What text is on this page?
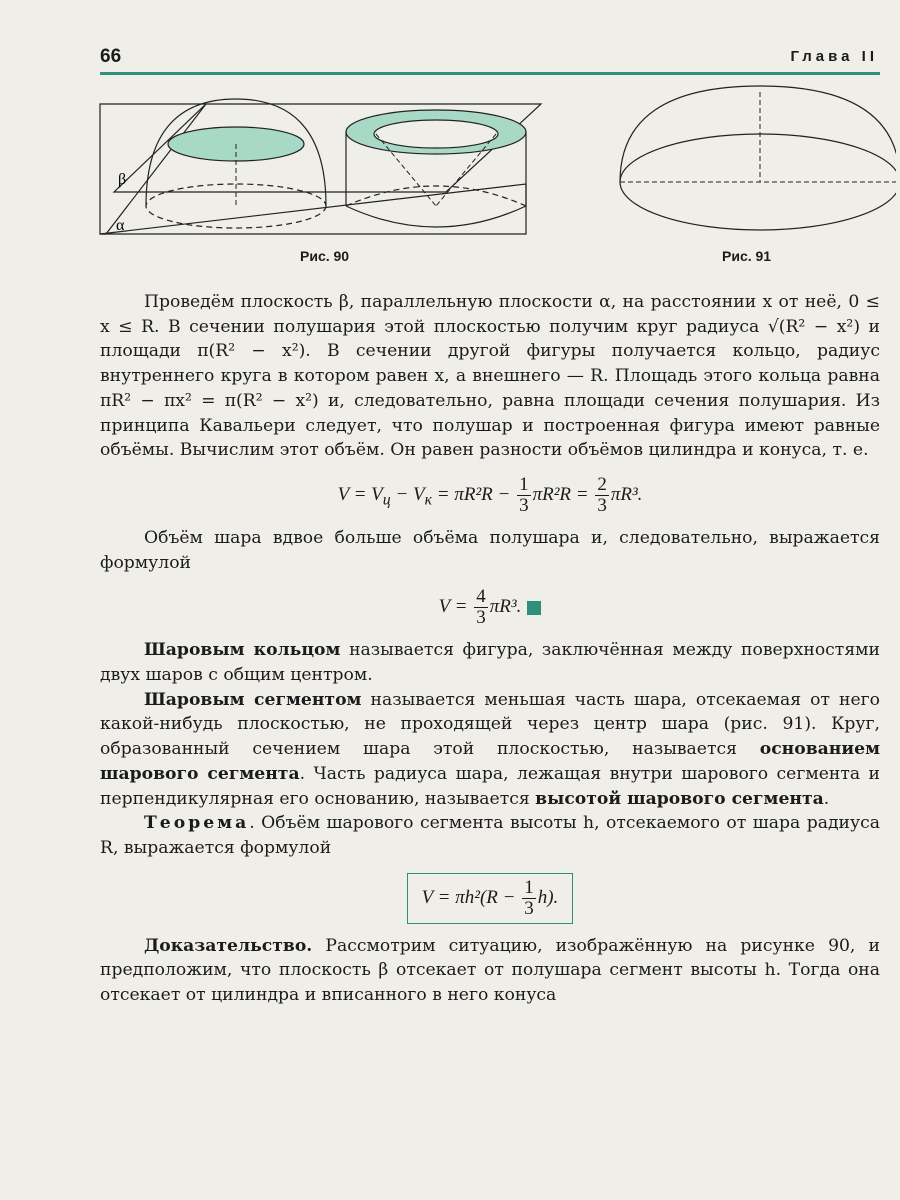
66	Глава II
β
α
Рис. 90	Рис. 91

Проведём плоскость β, параллельную плоскости α, на расстоянии x от неё, 0 ≤ x ≤ R. В сечении полушария этой плоскостью получим круг радиуса √(R² − x²) и площади π(R² − x²). В сечении другой фигуры получается кольцо, радиус внутреннего круга в котором равен x, а внешнего — R. Площадь этого кольца равна πR² − πx² = π(R² − x²) и, следовательно, равна площади сечения полушария. Из принципа Кавальери следует, что полушар и построенная фигура имеют равные объёмы. Вычислим этот объём. Он равен разности объёмов цилиндра и конуса, т. е.

$V = V_ц - V_к = \pi R^2R - \frac{1}{3} \pi R^2R = \frac{2}{3} \pi R^3$.

Объём шара вдвое больше объёма полушара и, следовательно, выражается формулой

$V = \frac{4}{3} \pi R^3$.

Шаровым кольцом называется фигура, заключённая между поверхностями двух шаров с общим центром.

Шаровым сегментом называется меньшая часть шара, отсекаемая от него какой-нибудь плоскостью, не проходящей через центр шара (рис. 91). Круг, образованный сечением шара этой плоскостью, называется основанием шарового сегмента. Часть радиуса шара, лежащая внутри шарового сегмента и перпендикулярная его основанию, называется высотой шарового сегмента.

Теорема. Объём шарового сегмента высоты h, отсекаемого от шара радиуса R, выражается формулой

$V = \pi h^2(R - \frac{1}{3} h)$.

Доказательство. Рассмотрим ситуацию, изображённую на рисунке 90, и предположим, что плоскость β отсекает от полушара сегмент высоты h. Тогда она отсекает от цилиндра и вписанного в него конуса
